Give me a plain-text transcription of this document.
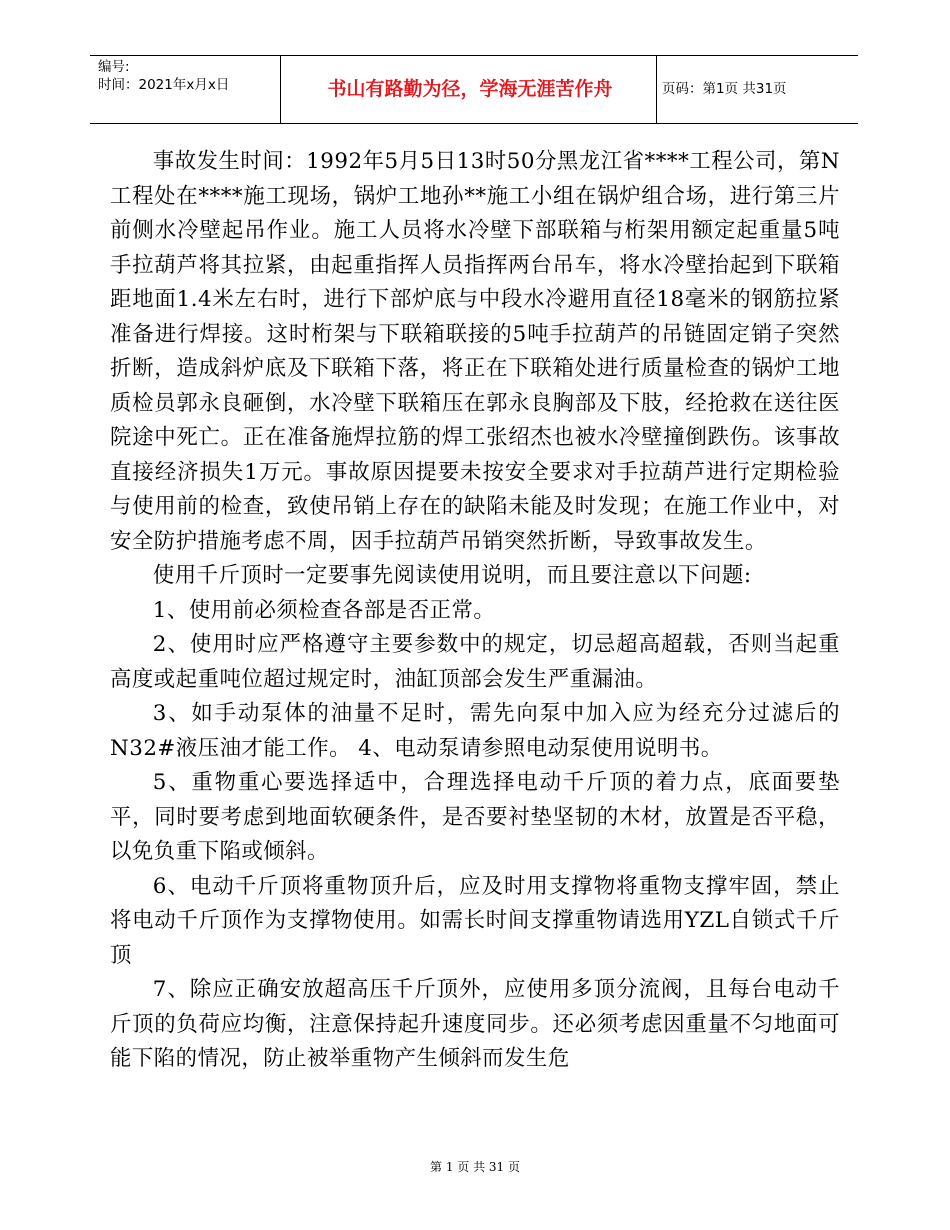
编号:
时间：2021年x月x日	书山有路勤为径，学海无涯苦作舟	页码：第1页 共31页

事故发生时间：1992年5月5日13时50分黑龙江省****工程公司，第N工程处在****施工现场，锅炉工地孙**施工小组在锅炉组合场，进行第三片前侧水冷壁起吊作业。施工人员将水冷壁下部联箱与桁架用额定起重量5吨手拉葫芦将其拉紧，由起重指挥人员指挥两台吊车，将水冷壁抬起到下联箱距地面1.4米左右时，进行下部炉底与中段水冷避用直径18毫米的钢筋拉紧准备进行焊接。这时桁架与下联箱联接的5吨手拉葫芦的吊链固定销子突然折断，造成斜炉底及下联箱下落，将正在下联箱处进行质量检查的锅炉工地质检员郭永良砸倒，水冷壁下联箱压在郭永良胸部及下肢，经抢救在送往医院途中死亡。正在准备施焊拉筋的焊工张绍杰也被水冷壁撞倒跌伤。该事故直接经济损失1万元。事故原因提要未按安全要求对手拉葫芦进行定期检验与使用前的检查，致使吊销上存在的缺陷未能及时发现；在施工作业中，对安全防护措施考虑不周，因手拉葫芦吊销突然折断，导致事故发生。

使用千斤顶时一定要事先阅读使用说明，而且要注意以下问题:

1、使用前必须检查各部是否正常。

2、使用时应严格遵守主要参数中的规定，切忌超高超载，否则当起重高度或起重吨位超过规定时，油缸顶部会发生严重漏油。

3、如手动泵体的油量不足时，需先向泵中加入应为经充分过滤后的N32#液压油才能工作。 4、电动泵请参照电动泵使用说明书。

5、重物重心要选择适中，合理选择电动千斤顶的着力点，底面要垫平，同时要考虑到地面软硬条件，是否要衬垫坚韧的木材，放置是否平稳，以免负重下陷或倾斜。

6、电动千斤顶将重物顶升后，应及时用支撑物将重物支撑牢固，禁止将电动千斤顶作为支撑物使用。如需长时间支撑重物请选用YZL自锁式千斤顶

7、除应正确安放超高压千斤顶外，应使用多顶分流阀，且每台电动千斤顶的负荷应均衡，注意保持起升速度同步。还必须考虑因重量不匀地面可能下陷的情况，防止被举重物产生倾斜而发生危

第 1 页 共 31 页
